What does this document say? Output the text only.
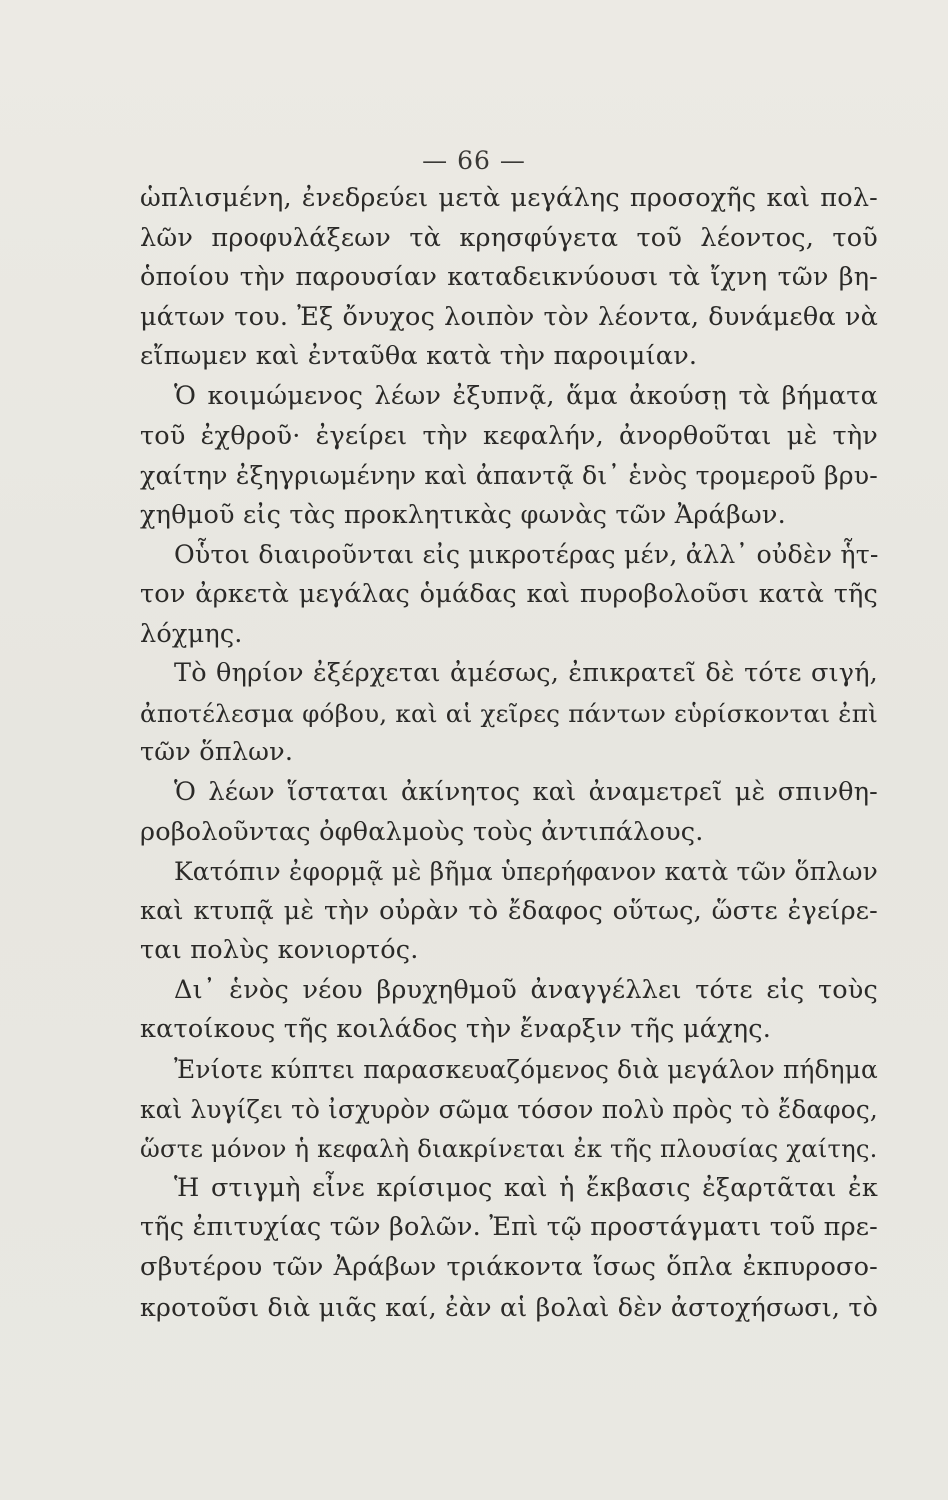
— 66 —
ὡπλισμένη, ἐνεδρεύει μετὰ μεγάλης προσοχῆς καὶ πολ-
λῶν προφυλάξεων τὰ κρησφύγετα τοῦ λέοντος, τοῦ
ὁποίου τὴν παρουσίαν καταδεικνύουσι τὰ ἴχνη τῶν βη-
μάτων του. Ἐξ ὄνυχος λοιπὸν τὸν λέοντα, δυνάμεθα νὰ
εἴπωμεν καὶ ἐνταῦθα κατὰ τὴν παροιμίαν.
Ὁ κοιμώμενος λέων ἐξυπνᾷ, ἅμα ἀκούσῃ τὰ βήματα
τοῦ ἐχθροῦ· ἐγείρει τὴν κεφαλήν, ἀνορθοῦται μὲ τὴν
χαίτην ἐξηγριωμένην καὶ ἀπαντᾷ δι᾽ ἑνὸς τρομεροῦ βρυ-
χηθμοῦ εἰς τὰς προκλητικὰς φωνὰς τῶν Ἀράβων.
Οὗτοι διαιροῦνται εἰς μικροτέρας μέν, ἀλλ᾽ οὐδὲν ἧτ-
τον ἀρκετὰ μεγάλας ὁμάδας καὶ πυροβολοῦσι κατὰ τῆς
λόχμης.
Τὸ θηρίον ἐξέρχεται ἀμέσως, ἐπικρατεῖ δὲ τότε σιγή,
ἀποτέλεσμα φόβου, καὶ αἱ χεῖρες πάντων εὑρίσκονται ἐπὶ
τῶν ὅπλων.
Ὁ λέων ἵσταται ἀκίνητος καὶ ἀναμετρεῖ μὲ σπινθη-
ροβολοῦντας ὀφθαλμοὺς τοὺς ἀντιπάλους.
Κατόπιν ἐφορμᾷ μὲ βῆμα ὑπερήφανον κατὰ τῶν ὅπλων
καὶ κτυπᾷ μὲ τὴν οὐρὰν τὸ ἔδαφος οὕτως, ὥστε ἐγείρε-
ται πολὺς κονιορτός.
Δι᾽ ἑνὸς νέου βρυχηθμοῦ ἀναγγέλλει τότε εἰς τοὺς
κατοίκους τῆς κοιλάδος τὴν ἔναρξιν τῆς μάχης.
Ἐνίοτε κύπτει παρασκευαζόμενος διὰ μεγάλον πήδημα
καὶ λυγίζει τὸ ἰσχυρὸν σῶμα τόσον πολὺ πρὸς τὸ ἔδαφος,
ὥστε μόνον ἡ κεφαλὴ διακρίνεται ἐκ τῆς πλουσίας χαίτης.
Ἡ στιγμὴ εἶνε κρίσιμος καὶ ἡ ἔκβασις ἐξαρτᾶται ἐκ
τῆς ἐπιτυχίας τῶν βολῶν. Ἐπὶ τῷ προστάγματι τοῦ πρε-
σβυτέρου τῶν Ἀράβων τριάκοντα ἴσως ὅπλα ἐκπυροσο-
κροτοῦσι διὰ μιᾶς καί, ἐὰν αἱ βολαὶ δὲν ἀστοχήσωσι, τὸ
